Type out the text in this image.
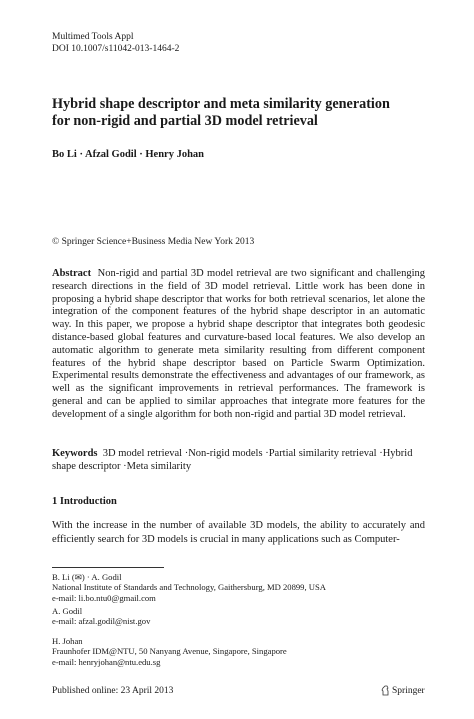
Multimed Tools Appl
DOI 10.1007/s11042-013-1464-2
Hybrid shape descriptor and meta similarity generation
for non-rigid and partial 3D model retrieval
Bo Li · Afzal Godil · Henry Johan
© Springer Science+Business Media New York 2013
Abstract Non-rigid and partial 3D model retrieval are two significant and challenging research directions in the field of 3D model retrieval. Little work has been done in proposing a hybrid shape descriptor that works for both retrieval scenarios, let alone the integration of the component features of the hybrid shape descriptor in an automatic way. In this paper, we propose a hybrid shape descriptor that integrates both geodesic distance-based global features and curvature-based local features. We also develop an automatic algorithm to generate meta similarity resulting from different component features of the hybrid shape descriptor based on Particle Swarm Optimization. Experimental results demonstrate the effectiveness and advantages of our framework, as well as the significant improvements in retrieval performances. The framework is general and can be applied to similar approaches that integrate more features for the development of a single algorithm for both non-rigid and partial 3D model retrieval.
Keywords 3D model retrieval · Non-rigid models · Partial similarity retrieval · Hybrid shape descriptor · Meta similarity
1 Introduction
With the increase in the number of available 3D models, the ability to accurately and efficiently search for 3D models is crucial in many applications such as Computer-
B. Li (✉) · A. Godil
National Institute of Standards and Technology, Gaithersburg, MD 20899, USA
e-mail: li.bo.ntu0@gmail.com
A. Godil
e-mail: afzal.godil@nist.gov
H. Johan
Fraunhofer IDM@NTU, 50 Nanyang Avenue, Singapore, Singapore
e-mail: henryjohan@ntu.edu.sg
Published online: 23 April 2013	Springer
